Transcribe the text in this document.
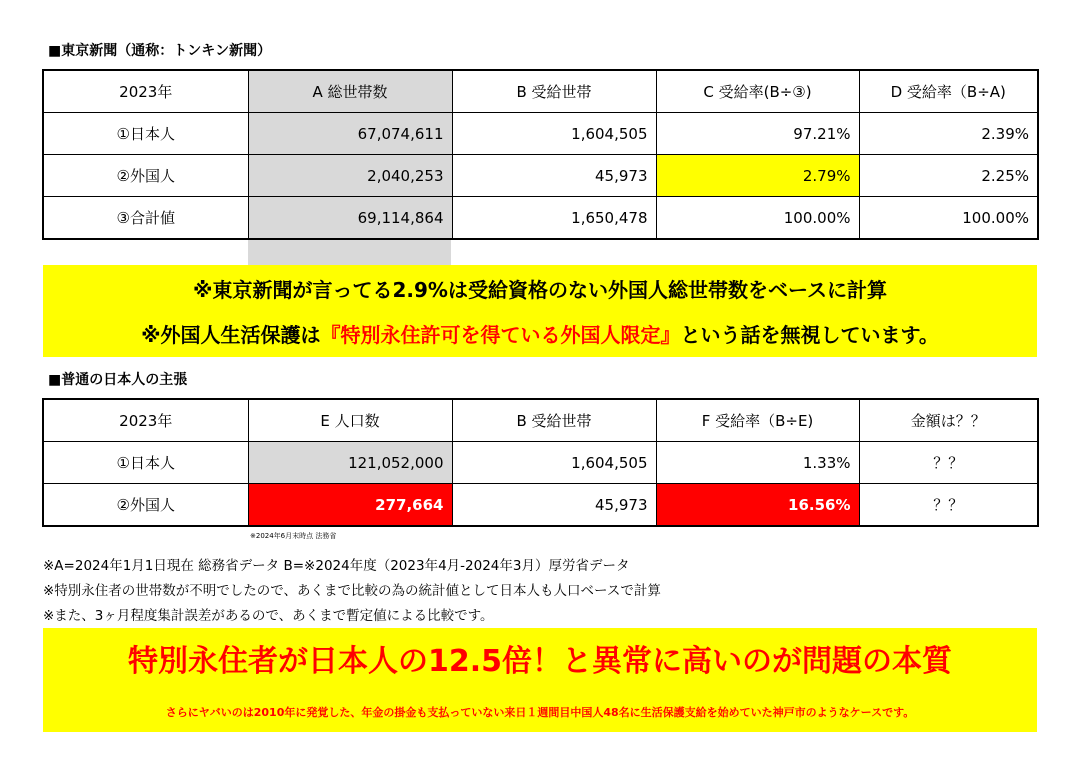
■東京新聞（通称：トンキン新聞）
2023年	A 総世帯数	B 受給世帯	C 受給率(B÷③)	D 受給率（B÷A)
①日本人	67,074,611	1,604,505	97.21%	2.39%
②外国人	2,040,253	45,973	2.79%	2.25%
③合計値	69,114,864	1,650,478	100.00%	100.00%
※東京新聞が言ってる2.9%は受給資格のない外国人総世帯数をベースに計算
※外国人生活保護は『特別永住許可を得ている外国人限定』という話を無視しています。
■普通の日本人の主張
2023年	E 人口数	B 受給世帯	F 受給率（B÷E)	金額は？？
①日本人	121,052,000	1,604,505	1.33%	？？
②外国人	277,664	45,973	16.56%	？？
※2024年6月末時点 法務省
※A=2024年1月1日現在 総務省データ B=※2024年度（2023年4月-2024年3月）厚労省データ
※特別永住者の世帯数が不明でしたので、あくまで比較の為の統計値として日本人も人口ベースで計算
※また、3ヶ月程度集計誤差があるので、あくまで暫定値による比較です。
特別永住者が日本人の12.5倍！と異常に高いのが問題の本質
さらにヤバいのは2010年に発覚した、年金の掛金も支払っていない来日１週間目中国人48名に生活保護支給を始めていた神戸市のようなケースです。
